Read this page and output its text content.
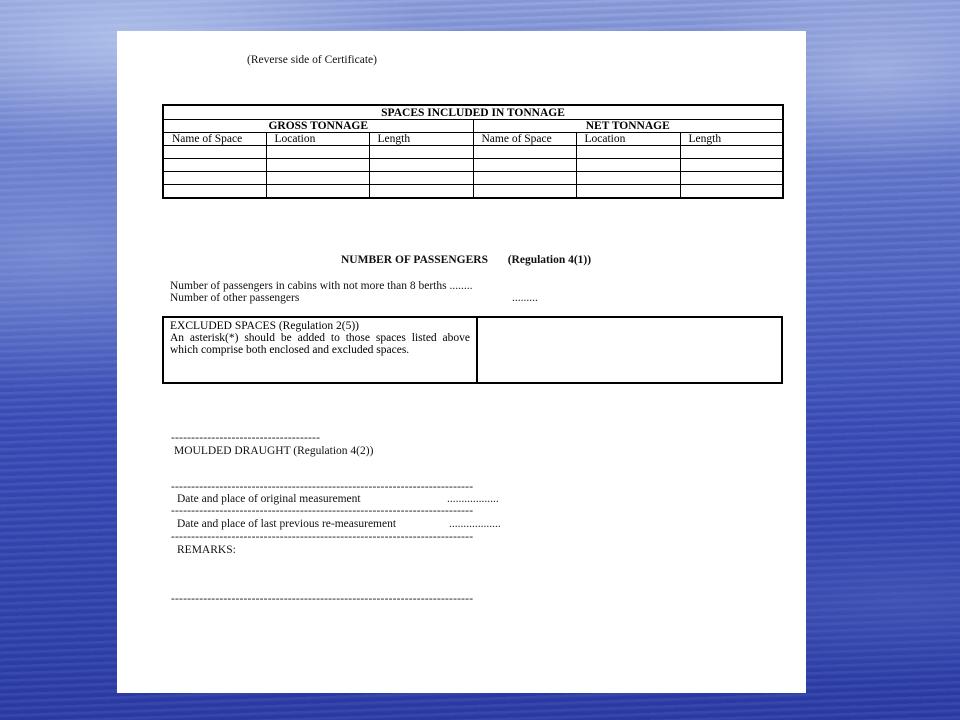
(Reverse side of Certificate)
SPACES INCLUDED IN TONNAGE					
GROSS TONNAGE			NET TONNAGE		
Name of Space	Location	Length	Name of Space	Location	Length

NUMBER OF PASSENGERS (Regulation 4(1))
Number of passengers in cabins with not more than 8 berths ........
Number of other passengers	.........
EXCLUDED SPACES (Regulation 2(5))
An asterisk(*) should be added to those spaces listed above which comprise both enclosed and excluded spaces.
-------------------------------------
MOULDED DRAUGHT (Regulation 4(2))
---------------------------------------------------------------------------
Date and place of original measurement	..................
---------------------------------------------------------------------------
Date and place of last previous re-measurement	..................
---------------------------------------------------------------------------
REMARKS:
---------------------------------------------------------------------------
